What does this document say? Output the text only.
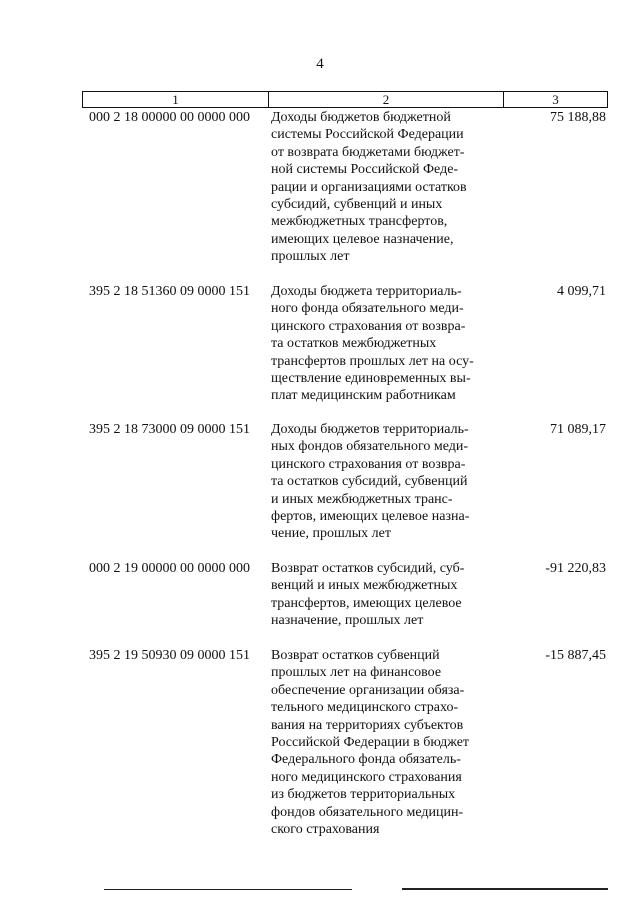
4
1	2	3
000 2 18 00000 00 0000 000	Доходы бюджетов бюджетной
системы Российской Федерации
от возврата бюджетами бюджет-
ной системы Российской Феде-
рации и организациями остатков
субсидий, субвенций и иных
межбюджетных трансфертов,
имеющих целевое назначение,
прошлых лет
75 188,88
395 2 18 51360 09 0000 151	Доходы бюджета территориаль-
ного фонда обязательного меди-
цинского страхования от возвра-
та остатков межбюджетных
трансфертов прошлых лет на осу-
ществление единовременных вы-
плат медицинским работникам
4 099,71
395 2 18 73000 09 0000 151	Доходы бюджетов территориаль-
ных фондов обязательного меди-
цинского страхования от возвра-
та остатков субсидий, субвенций
и иных межбюджетных транс-
фертов, имеющих целевое назна-
чение, прошлых лет
71 089,17
000 2 19 00000 00 0000 000	Возврат остатков субсидий, суб-
венций и иных межбюджетных
трансфертов, имеющих целевое
назначение, прошлых лет
-91 220,83
395 2 19 50930 09 0000 151	Возврат остатков субвенций
прошлых лет на финансовое
обеспечение организации обяза-
тельного медицинского страхо-
вания на территориях субъектов
Российской Федерации в бюджет
Федерального фонда обязатель-
ного медицинского страхования
из бюджетов территориальных
фондов обязательного медицин-
ского страхования
-15 887,45
